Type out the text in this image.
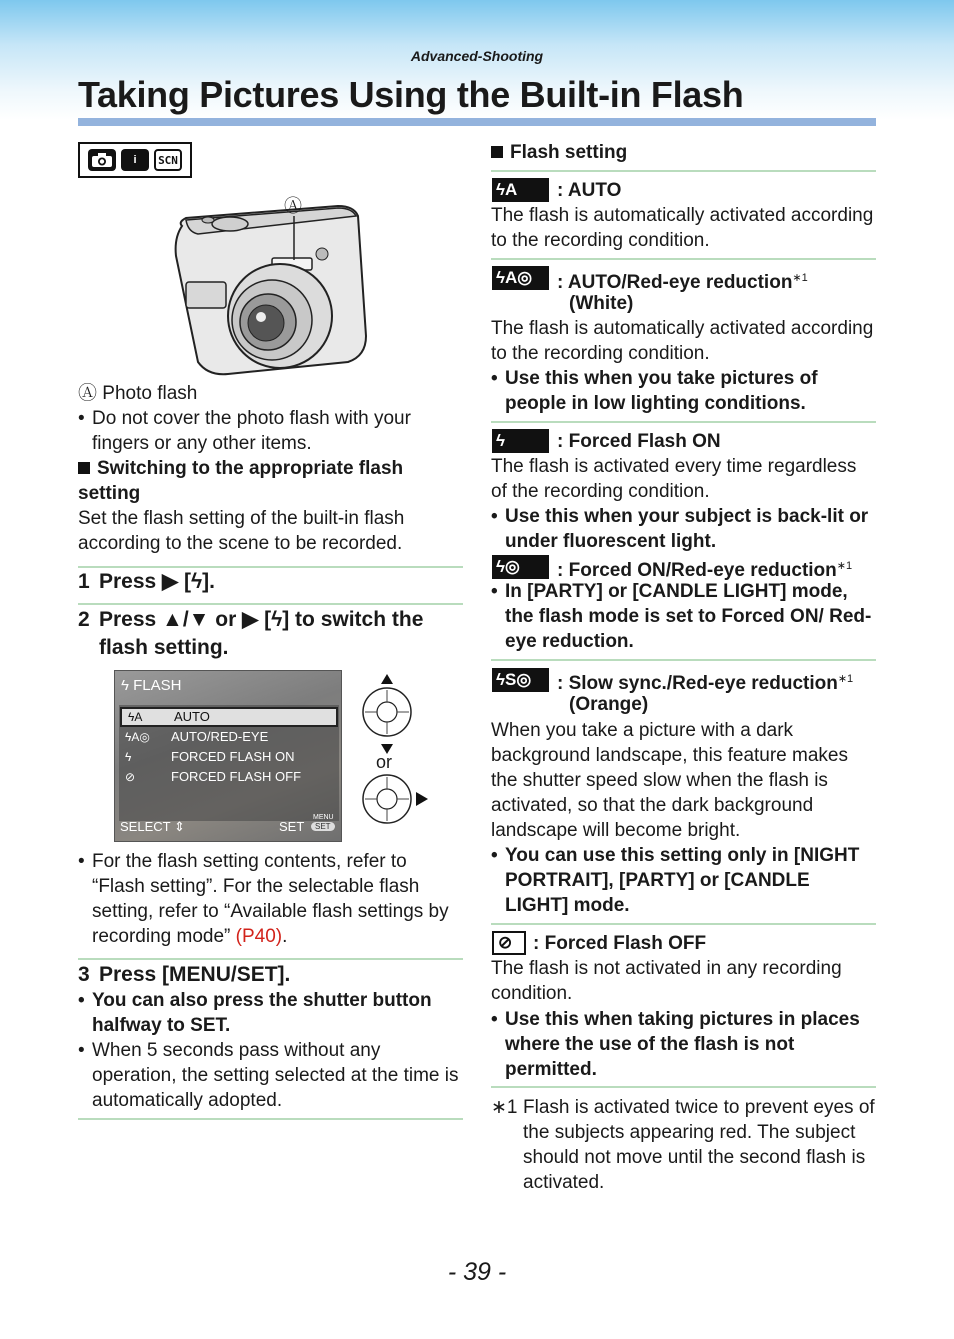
Advanced-Shooting
Taking Pictures Using the Built-in Flash
i	SCN
Ⓐ
Ⓐ Photo flash
• Do not cover the photo flash with your fingers or any other items.
Switching to the appropriate flash setting
Set the flash setting of the built-in flash according to the scene to be recorded.
1 Press ▶ [ϟ].
2 Press ▲/▼ or ▶ [ϟ] to switch the flash setting.
ϟ FLASH
ϟA AUTO
ϟA◎ AUTO/RED-EYE
ϟ	FORCED FLASH ON
⊘	FORCED FLASH OFF
SELECT ⇕	SET
MENU
SET
or
• For the flash setting contents, refer to “Flash setting”. For the selectable flash setting, refer to “Available flash settings by recording mode” (P40).
3 Press [MENU/SET].
• You can also press the shutter button halfway to SET.
• When 5 seconds pass without any operation, the setting selected at the time is automatically adopted.
Flash setting
ϟA	: AUTO
The flash is automatically activated according to the recording condition.
ϟA◎	: AUTO/Red-eye reduction$^{∗1}$
(White)
The flash is automatically activated according to the recording condition.
• Use this when you take pictures of people in low lighting conditions.
ϟ	: Forced Flash ON
The flash is activated every time regardless of the recording condition.
• Use this when your subject is back-lit or under fluorescent light.
ϟ◎	: Forced ON/Red-eye reduction$^{∗1}$
• In [PARTY] or [CANDLE LIGHT] mode, the flash mode is set to Forced ON/ Red-eye reduction.
ϟS◎	: Slow sync./Red-eye reduction$^{∗1}$
(Orange)
When you take a picture with a dark background landscape, this feature makes the shutter speed slow when the flash is activated, so that the dark background landscape will become bright.
• You can use this setting only in [NIGHT PORTRAIT], [PARTY] or [CANDLE LIGHT] mode.
⊘	: Forced Flash OFF
The flash is not activated in any recording condition.
• Use this when taking pictures in places where the use of the flash is not permitted.
∗1 Flash is activated twice to prevent eyes of the subjects appearing red. The subject should not move until the second flash is activated.
- 39 -
